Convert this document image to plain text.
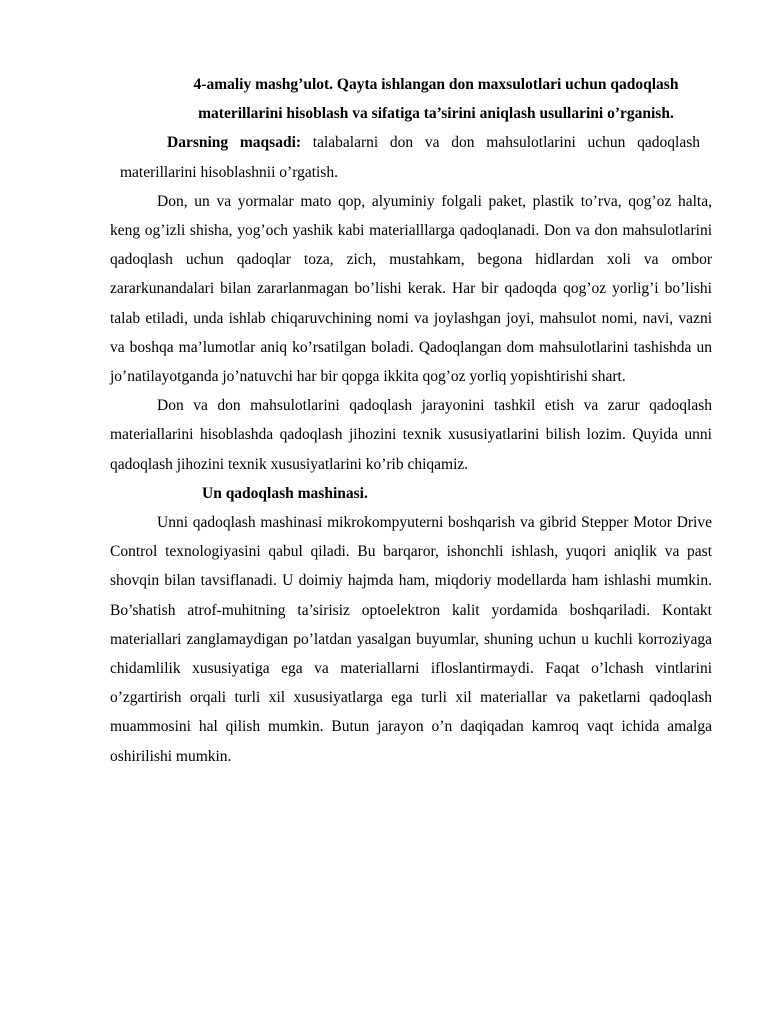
4-amaliy mashg’ulot. Qayta ishlangan don maxsulotlari uchun qadoqlash materillarini hisoblash va sifatiga ta’sirini aniqlash usullarini o’rganish.

Darsning maqsadi: talabalarni don va don mahsulotlarini uchun qadoqlash materillarini hisoblashnii o’rgatish.

Don, un va yormalar mato qop, alyuminiy folgali paket, plastik to’rva, qog’oz halta, keng og’izli shisha, yog’och yashik kabi materialllarga qadoqlanadi. Don va don mahsulotlarini qadoqlash uchun qadoqlar toza, zich, mustahkam, begona hidlardan xoli va ombor zararkunandalari bilan zararlanmagan bo’lishi kerak. Har bir qadoqda qog’oz yorlig’i bo’lishi talab etiladi, unda ishlab chiqaruvchining nomi va joylashgan joyi, mahsulot nomi, navi, vazni va boshqa ma’lumotlar aniq ko’rsatilgan boladi. Qadoqlangan dom mahsulotlarini tashishda un jo’natilayotganda jo’natuvchi har bir qopga ikkita qog’oz yorliq yopishtirishi shart.

Don va don mahsulotlarini qadoqlash jarayonini tashkil etish va zarur qadoqlash materiallarini hisoblashda qadoqlash jihozini texnik xususiyatlarini bilish lozim. Quyida unni qadoqlash jihozini texnik xususiyatlarini ko’rib chiqamiz.

Un qadoqlash mashinasi.

Unni qadoqlash mashinasi mikrokompyuterni boshqarish va gibrid Stepper Motor Drive Control texnologiyasini qabul qiladi. Bu barqaror, ishonchli ishlash, yuqori aniqlik va past shovqin bilan tavsiflanadi. U doimiy hajmda ham, miqdoriy modellarda ham ishlashi mumkin. Bo’shatish atrof-muhitning ta’sirisiz optoelektron kalit yordamida boshqariladi. Kontakt materiallari zanglamaydigan po’latdan yasalgan buyumlar, shuning uchun u kuchli korroziyaga chidamlilik xususiyatiga ega va materiallarni ifloslantirmaydi. Faqat o’lchash vintlarini o’zgartirish orqali turli xil xususiyatlarga ega turli xil materiallar va paketlarni qadoqlash muammosini hal qilish mumkin. Butun jarayon o’n daqiqadan kamroq vaqt ichida amalga oshirilishi mumkin.
